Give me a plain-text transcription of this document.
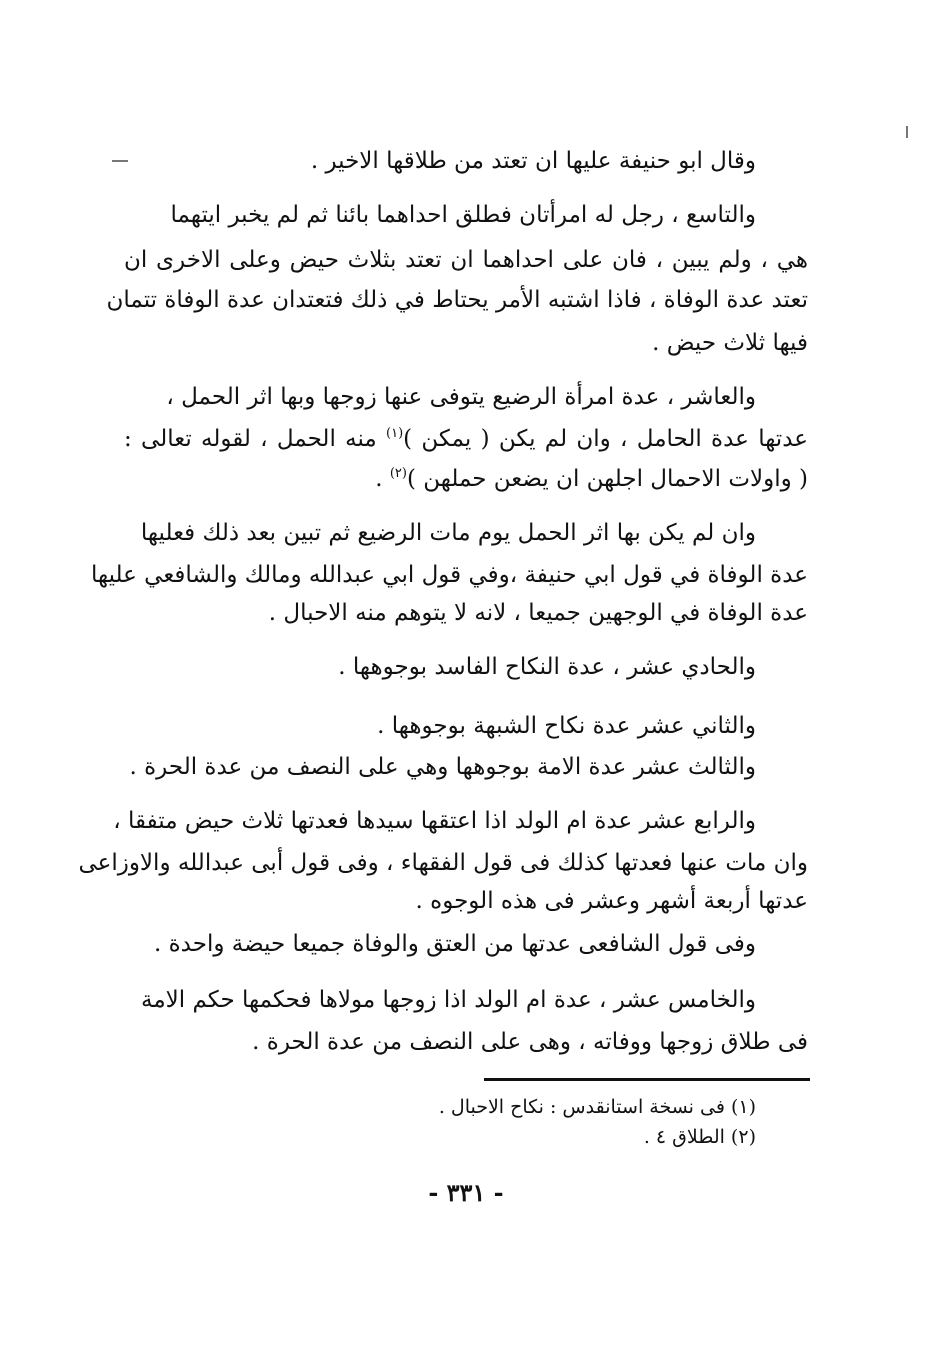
وقال ابو حنيفة عليها ان تعتد من طلاقها الاخير .
والتاسع ، رجل له امرأتان فطلق احداهما بائنا ثم لم يخبر ايتهما
هي ، ولم يبين ، فان على احداهما ان تعتد بثلاث حيض وعلى الاخرى ان
تعتد عدة الوفاة ، فاذا اشتبه الأمر يحتاط في ذلك فتعتدان عدة الوفاة تتمان
فيها ثلاث حيض .
والعاشر ، عدة امرأة الرضيع يتوفى عنها زوجها وبها اثر الحمل ،
عدتها عدة الحامل ، وان لم يكن ( يمكن )$^{(١)}$ منه الحمل ، لقوله تعالى :
( واولات الاحمال اجلهن ان يضعن حملهن )$^{(٢)}$ .
وان لم يكن بها اثر الحمل يوم مات الرضيع ثم تبين بعد ذلك فعليها
عدة الوفاة في قول ابي حنيفة ،وفي قول ابي عبدالله ومالك والشافعي عليها
عدة الوفاة في الوجهين جميعا ، لانه لا يتوهم منه الاحبال .
والحادي عشر ، عدة النكاح الفاسد بوجوهها .
والثاني عشر عدة نكاح الشبهة بوجوهها .
والثالث عشر عدة الامة بوجوهها وهي على النصف من عدة الحرة .
والرابع عشر عدة ام الولد اذا اعتقها سيدها فعدتها ثلاث حيض متفقا ،
وان مات عنها فعدتها كذلك فى قول الفقهاء ، وفى قول أبى عبدالله والاوزاعى
عدتها أربعة أشهر وعشر فى هذه الوجوه .
وفى قول الشافعى عدتها من العتق والوفاة جميعا حيضة واحدة .
والخامس عشر ، عدة ام الولد اذا زوجها مولاها فحكمها حكم الامة
فى طلاق زوجها ووفاته ، وهى على النصف من عدة الحرة .
(١) فى نسخة استانقدس : نكاح الاحبال .
(٢) الطلاق ٤ .
- ٣٣١ -
